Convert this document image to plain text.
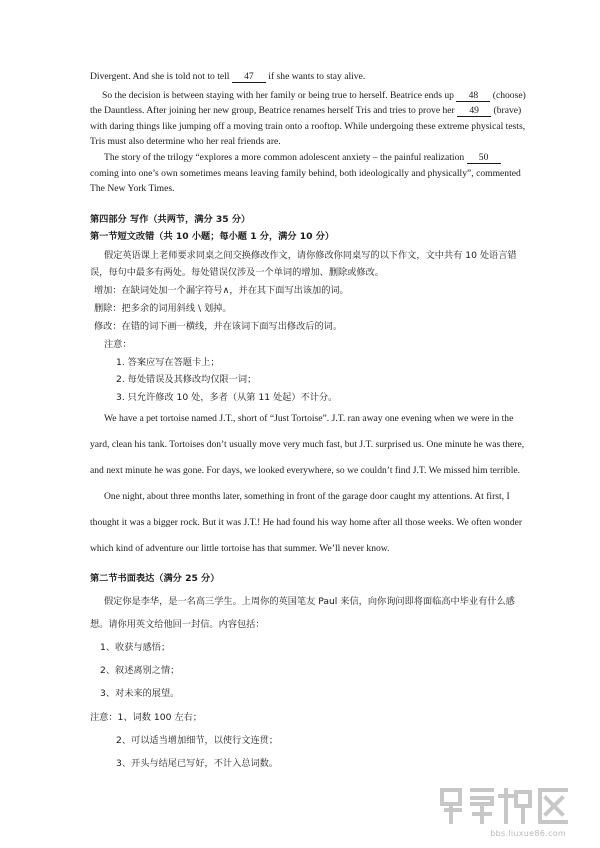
Divergent. And she is told not to tell 47 if she wants to stay alive.
So the decision is between staying with her family or being true to herself. Beatrice ends up 48 (choose)
the Dauntless. After joining her new group, Beatrice renames herself Tris and tries to prove her 49 (brave)
with daring things like jumping off a moving train onto a rooftop. While undergoing these extreme physical tests,
Tris must also determine who her real friends are.
The story of the trilogy “explores a more common adolescent anxiety – the painful realization 50
coming into one’s own sometimes means leaving family behind, both ideologically and physically”, commented
The New York Times.
第四部分 写作（共两节，满分 35 分）
第一节短文改错（共 10 小题；每小题 1 分，满分 10 分）
假定英语课上老师要求同桌之间交换修改作文，请你修改你同桌写的以下作文，文中共有 10 处语言错
误，每句中最多有两处。每处错误仅涉及一个单词的增加、删除或修改。
增加：在缺词处加一个漏字符号∧，并在其下面写出该加的词。
删除：把多余的词用斜线 \ 划掉。
修改：在错的词下画一横线，并在该词下面写出修改后的词。
注意：
1. 答案应写在答题卡上；
2. 每处错误及其修改均仅限一词；
3. 只允许修改 10 处，多者（从第 11 处起）不计分。
We have a pet tortoise named J.T., short of “Just Tortoise”. J.T. ran away one evening when we were in the
yard, clean his tank. Tortoises don’t usually move very much fast, but J.T. surprised us. One minute he was there,
and next minute he was gone. For days, we looked everywhere, so we couldn’t find J.T. We missed him terrible.
One night, about three months later, something in front of the garage door caught my attentions. At first, I
thought it was a bigger rock. But it was J.T.! He had found his way home after all those weeks. We often wonder
which kind of adventure our little tortoise has that summer. We’ll never know.
第二节书面表达（满分 25 分）
假定你是李华，是一名高三学生。上周你的英国笔友 Paul 来信，向你询问即将面临高中毕业有什么感
想。请你用英文给他回一封信。内容包括：
1、收获与感悟；
2、叙述离别之情；
3、对未来的展望。
注意：1、词数 100 左右；
2、可以适当增加细节，以使行文连贯；
3、开头与结尾已写好，不计入总词数。
bbs.liuxue86.com
